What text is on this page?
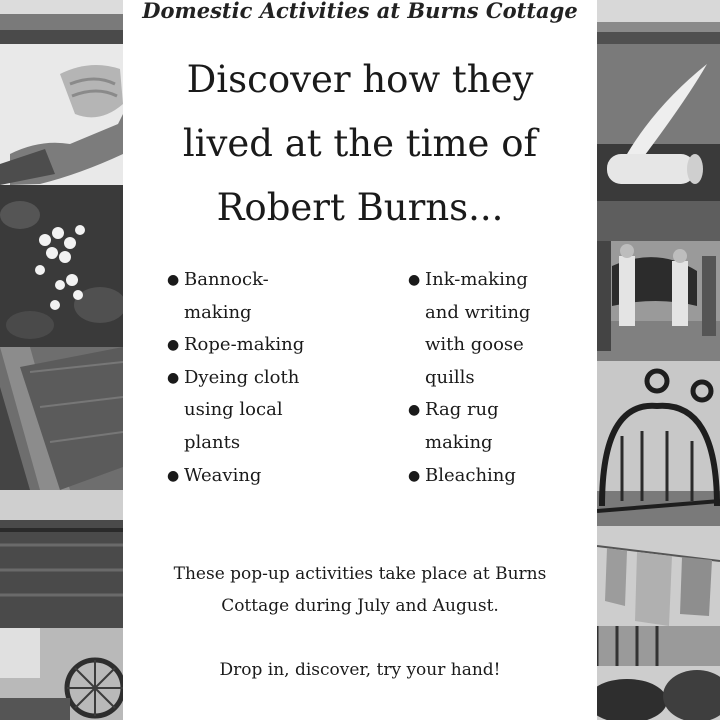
Domestic Activities at Burns Cottage
Discover how they
lived at the time of
Robert Burns...
● Bannock-
making
● Rope-making
● Dyeing cloth
using local
plants
● Weaving
● Ink-making
and writing
with goose
quills
● Rag rug
making
● Bleaching
These pop-up activities take place at Burns
Cottage during July and August.
Drop in, discover, try your hand!
